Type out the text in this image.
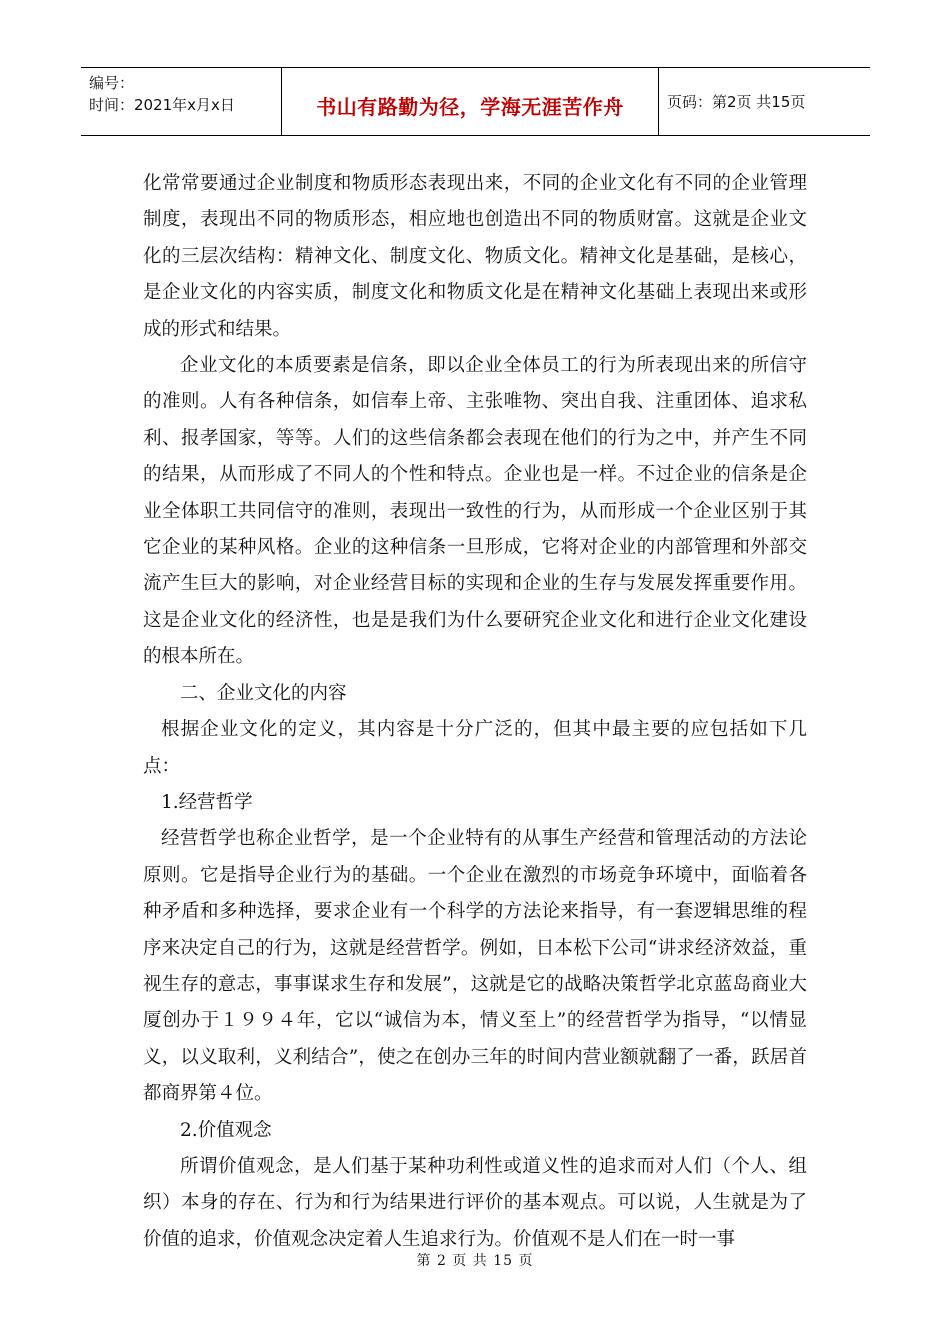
编号：
时间：2021年x月x日	书山有路勤为径，学海无涯苦作舟	页码：第2页 共15页

化常常要通过企业制度和物质形态表现出来，不同的企业文化有不同的企业管理制度，表现出不同的物质形态，相应地也创造出不同的物质财富。这就是企业文化的三层次结构：精神文化、制度文化、物质文化。精神文化是基础，是核心，是企业文化的内容实质，制度文化和物质文化是在精神文化基础上表现出来或形成的形式和结果。

企业文化的本质要素是信条，即以企业全体员工的行为所表现出来的所信守的准则。人有各种信条，如信奉上帝、主张唯物、突出自我、注重团体、追求私利、报孝国家，等等。人们的这些信条都会表现在他们的行为之中，并产生不同的结果，从而形成了不同人的个性和特点。企业也是一样。不过企业的信条是企业全体职工共同信守的准则，表现出一致性的行为，从而形成一个企业区别于其它企业的某种风格。企业的这种信条一旦形成，它将对企业的内部管理和外部交流产生巨大的影响，对企业经营目标的实现和企业的生存与发展发挥重要作用。这是企业文化的经济性，也是是我们为什么要研究企业文化和进行企业文化建设的根本所在。

二、企业文化的内容

根据企业文化的定义，其内容是十分广泛的，但其中最主要的应包括如下几点：

1.经营哲学

经营哲学也称企业哲学，是一个企业特有的从事生产经营和管理活动的方法论原则。它是指导企业行为的基础。一个企业在激烈的市场竞争环境中，面临着各种矛盾和多种选择，要求企业有一个科学的方法论来指导，有一套逻辑思维的程序来决定自己的行为，这就是经营哲学。例如，日本松下公司“讲求经济效益，重视生存的意志，事事谋求生存和发展”，这就是它的战略决策哲学北京蓝岛商业大厦创办于１９９４年，它以“诚信为本，情义至上”的经营哲学为指导，“以情显义，以义取利，义利结合”，使之在创办三年的时间内营业额就翻了一番，跃居首都商界第４位。

2.价值观念

所谓价值观念，是人们基于某种功利性或道义性的追求而对人们（个人、组织）本身的存在、行为和行为结果进行评价的基本观点。可以说，人生就是为了价值的追求，价值观念决定着人生追求行为。价值观不是人们在一时一事

第 2 页 共 15 页
